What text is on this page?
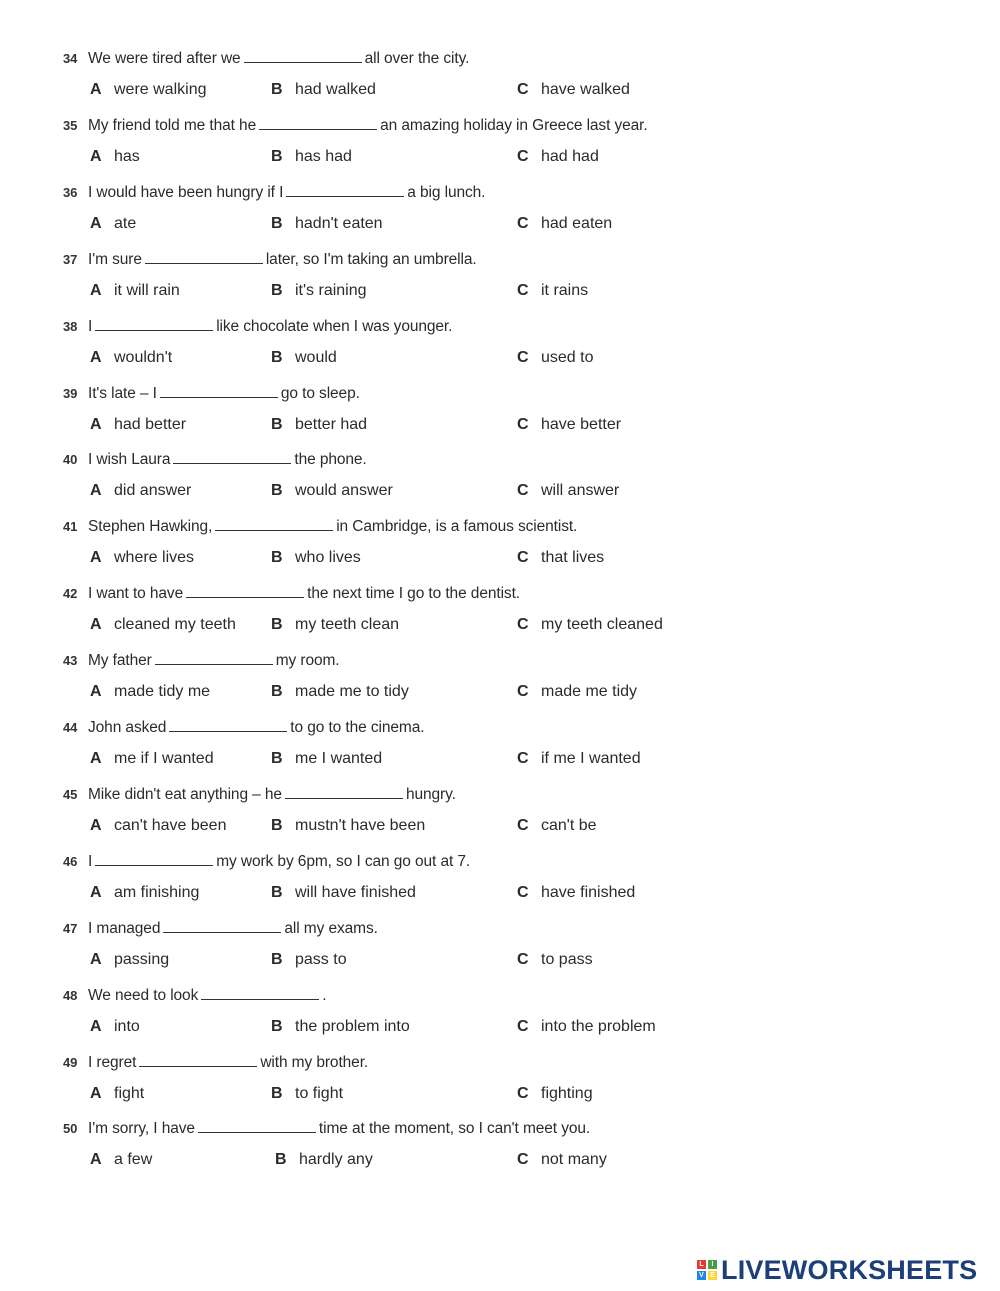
34 We were tired after we	all over the city.
A were walking	B had walked	C have walked
35 My friend told me that he	an amazing holiday in Greece last year.
A has	B has had	C had had
36 I would have been hungry if I	a big lunch.
A ate	B hadn't eaten	C had eaten
37 I'm sure	later, so I'm taking an umbrella.
A it will rain	B it's raining	C it rains
38 I	like chocolate when I was younger.
A wouldn't	B would	C used to
39 It's late – I	go to sleep.
A had better	B better had	C have better
40 I wish Laura	the phone.
A did answer	B would answer	C will answer
41 Stephen Hawking,	in Cambridge, is a famous scientist.
A where lives	B who lives	C that lives
42 I want to have	the next time I go to the dentist.
A cleaned my teeth B my teeth clean	C my teeth cleaned
43 My father	my room.
A made tidy me	B made me to tidy	C made me tidy
44 John asked	to go to the cinema.
A me if I wanted	B me I wanted	C if me I wanted
45 Mike didn't eat anything – he	hungry.
A can't have been	B mustn't have been	C can't be
46 I	my work by 6pm, so I can go out at 7.
A am finishing	B will have finished	C have finished
47 I managed	all my exams.
A passing	B pass to	C to pass
48 We need to look	.
A into	B the problem into	C into the problem
49 I regret	with my brother.
A fight	B to fight	C fighting
50 I'm sorry, I have	time at the moment, so I can't meet you.
A a few	B hardly any	C not many
L	I
V E LIVEWORKSHEETS
